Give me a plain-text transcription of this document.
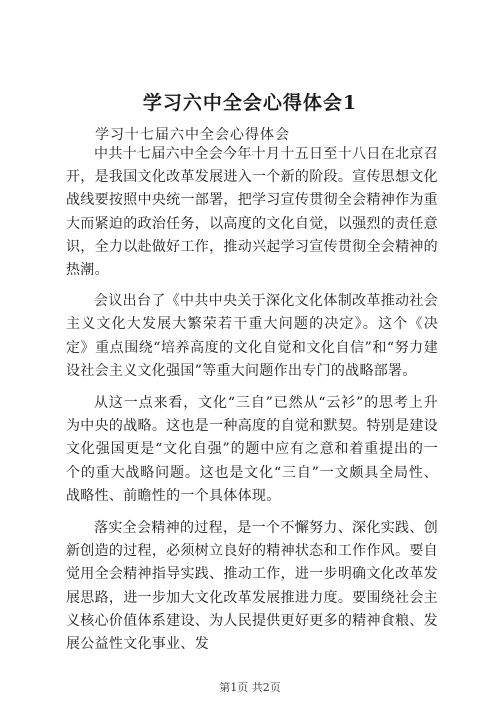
学习六中全会心得体会1
学习十七届六中全会心得体会

中共十七届六中全会今年十月十五日至十八日在北京召开，是我国文化改革发展进入一个新的阶段。宣传思想文化战线要按照中央统一部署，把学习宣传贯彻全会精神作为重大而紧迫的政治任务，以高度的文化自觉，以强烈的责任意识，全力以赴做好工作，推动兴起学习宣传贯彻全会精神的热潮。

会议出台了《中共中央关于深化文化体制改革推动社会主义文化大发展大繁荣若干重大问题的决定》。这个《决定》重点围绕“培养高度的文化自觉和文化自信”和“努力建设社会主义文化强国”等重大问题作出专门的战略部署。

从这一点来看，文化“三自”已然从“云衫”的思考上升为中央的战略。这也是一种高度的自觉和默契。特别是建设文化强国更是“文化自强”的题中应有之意和着重提出的一个的重大战略问题。这也是文化“三自”一文颇具全局性、战略性、前瞻性的一个具体体现。

落实全会精神的过程，是一个不懈努力、深化实践、创新创造的过程，必须树立良好的精神状态和工作作风。要自觉用全会精神指导实践、推动工作，进一步明确文化改革发展思路，进一步加大文化改革发展推进力度。要围绕社会主义核心价值体系建设、为人民提供更好更多的精神食粮、发展公益性文化事业、发

第1页 共2页
